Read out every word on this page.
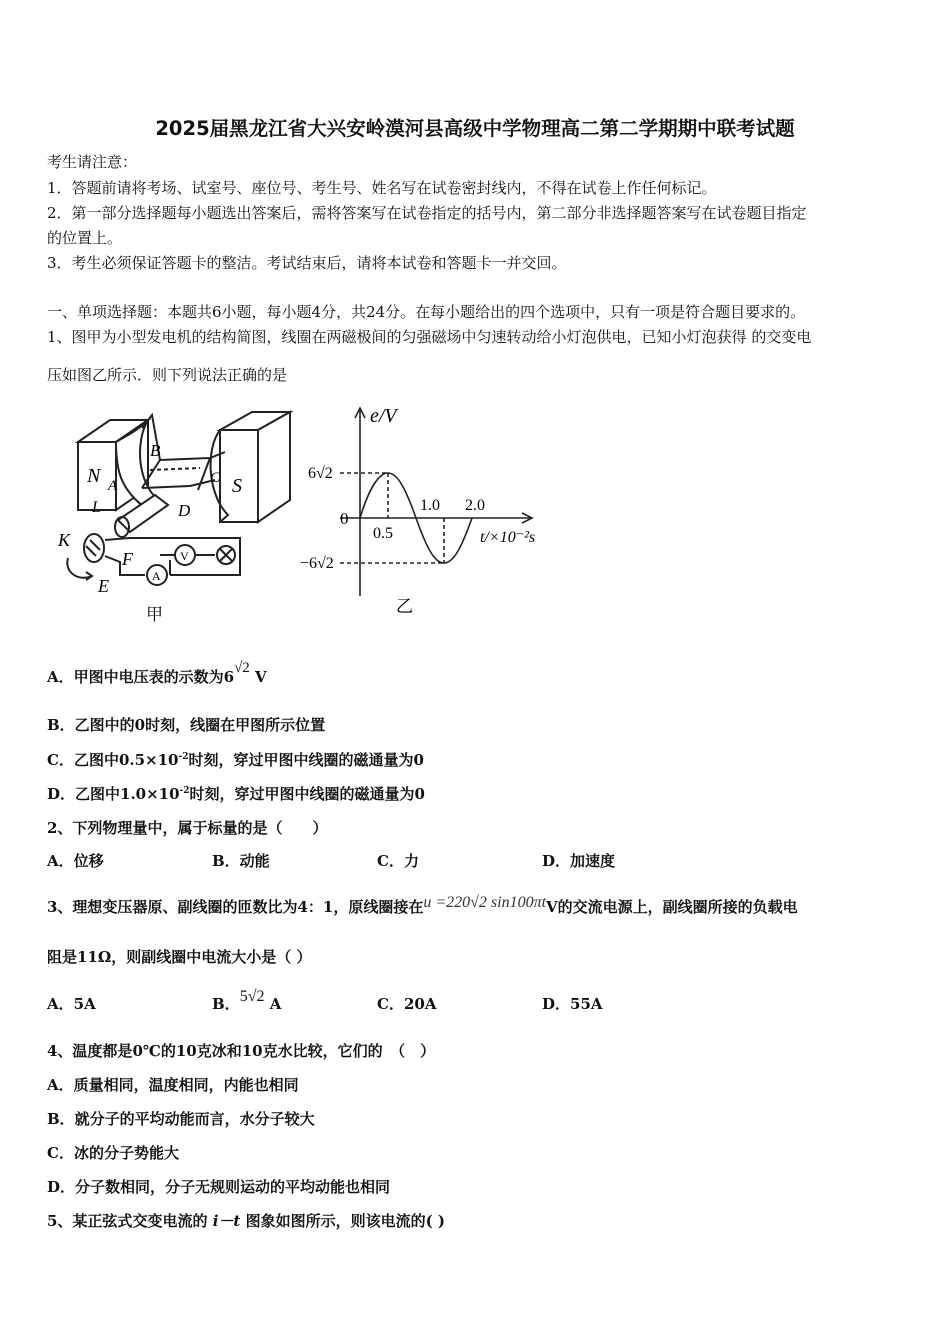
2025届黑龙江省大兴安岭漠河县高级中学物理高二第二学期期中联考试题
考生请注意：
1．答题前请将考场、试室号、座位号、考生号、姓名写在试卷密封线内，不得在试卷上作任何标记。
2．第一部分选择题每小题选出答案后，需将答案写在试卷指定的括号内，第二部分非选择题答案写在试卷题目指定
的位置上。
3．考生必须保证答题卡的整洁。考试结束后，请将本试卷和答题卡一并交回。
一、单项选择题：本题共6小题，每小题4分，共24分。在每小题给出的四个选项中，只有一项是符合题目要求的。
1、图甲为小型发电机的结构简图，线圈在两磁极间的匀强磁场中匀速转动给小灯泡供电，已知小灯泡获得 的交变电
压如图乙所示．则下列说法正确的是
N	S
A
B
C
D
L
K
E
F	V
A
甲
e/V
6√2
−6√2
0
0.5
1.0 2.0
t/×10⁻²s
乙
A．甲图中电压表的示数为6√2 V
B．乙图中的0时刻，线圈在甲图所示位置
C．乙图中$0.5\times 10^{-2}$时刻，穿过甲图中线圈的磁通量为0
D．乙图中$1.0\times 10^{-2}$时刻，穿过甲图中线圈的磁通量为0
2、下列物理量中，属于标量的是（　　）
A．位移	B．动能	C．力	D．加速度
3、理想变压器原、副线圈的匝数比为4：1，原线圈接在u =220√2 sin100πtV的交流电源上，副线圈所接的负载电
阻是11Ω，则副线圈中电流大小是（ ）
A．5A	B．5√2 A	C．20A	D．55A
4、温度都是0℃的10克冰和10克水比较，它们的　（　）
A．质量相同，温度相同，内能也相同
B．就分子的平均动能而言，水分子较大
C．冰的分子势能大
D．分子数相同，分子无规则运动的平均动能也相同
5、某正弦式交变电流的 i－t 图象如图所示，则该电流的( )
